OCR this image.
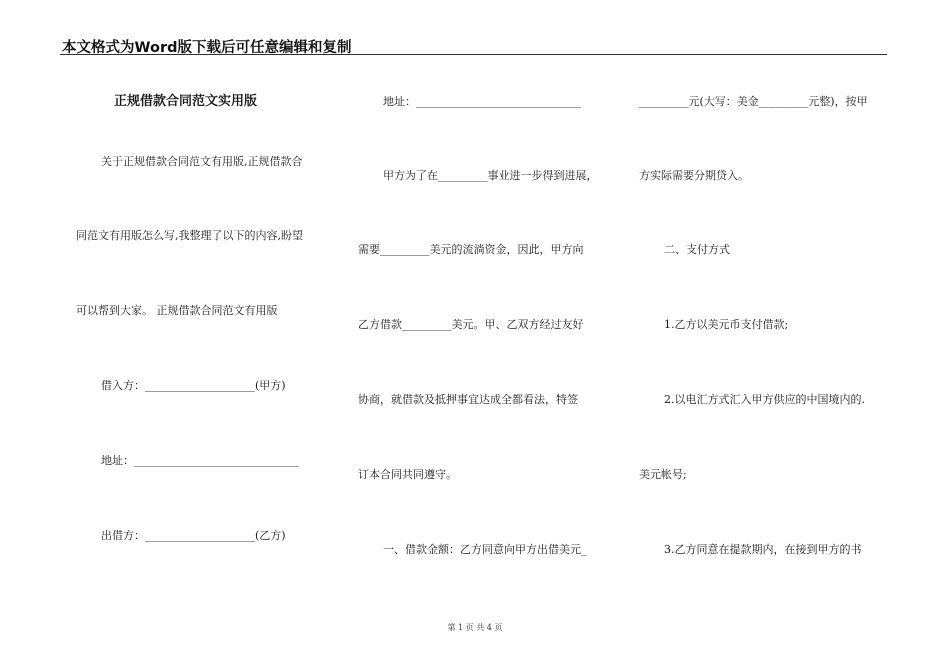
本文格式为Word版下载后可任意编辑和复制
正规借款合同范文实用版
关于正规借款合同范文有用版,正规借款合
同范文有用版怎么写,我整理了以下的内容,盼望
可以帮到大家。 正规借款合同范文有用版
借入方：____________________(甲方)
地址：______________________________
出借方：____________________(乙方)
地址：______________________________
甲方为了在_________事业进一步得到进展，
需要_________美元的流淌资金，因此，甲方向
乙方借款_________美元。甲、乙双方经过友好
协商，就借款及抵押事宜达成全都看法，特签
订本合同共同遵守。
一、借款金额：乙方同意向甲方出借美元_
_________元(大写：美金_________元整)，按甲
方实际需要分期贷入。
二、支付方式
1.乙方以美元币支付借款;
2.以电汇方式汇入甲方供应的中国境内的.
美元帐号;
3.乙方同意在提款期内，在接到甲方的书
第 1 页 共 4 页
